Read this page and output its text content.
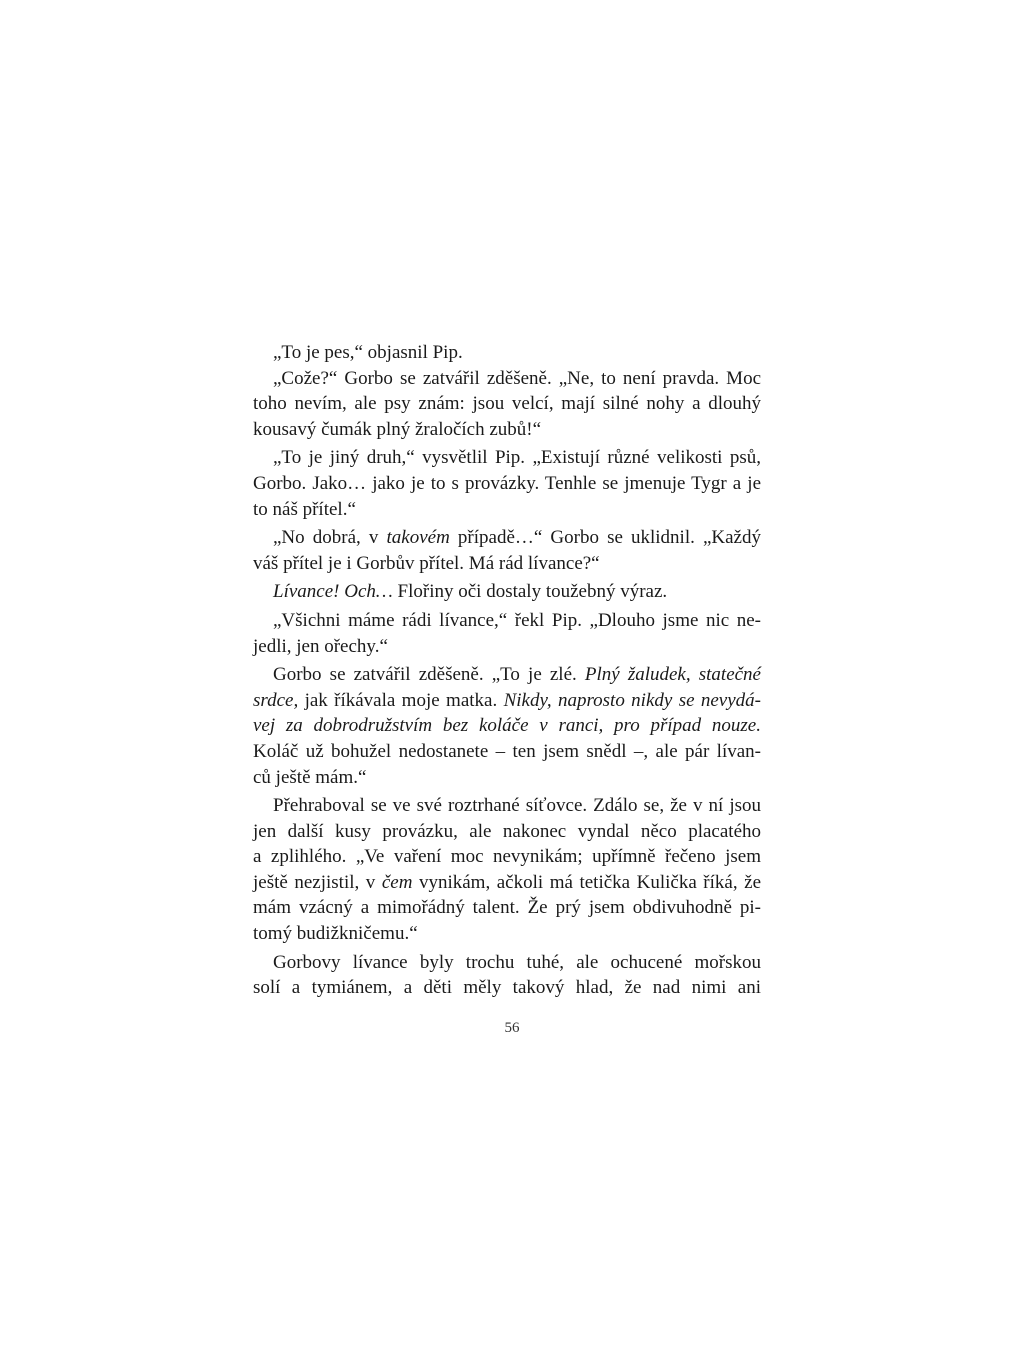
„To je pes,“ objasnil Pip.
„Cože?“ Gorbo se zatvářil zděšeně. „Ne, to není pravda. Moc
toho nevím, ale psy znám: jsou velcí, mají silné nohy a dlouhý
kousavý čumák plný žraločích zubů!“
„To je jiný druh,“ vysvětlil Pip. „Existují různé velikosti psů,
Gorbo. Jako… jako je to s provázky. Tenhle se jmenuje Tygr a je
to náš přítel.“
„No dobrá, v takovém případě…“ Gorbo se uklidnil. „Každý
váš přítel je i Gorbův přítel. Má rád lívance?“
Lívance! Och… Flořiny oči dostaly toužebný výraz.
„Všichni máme rádi lívance,“ řekl Pip. „Dlouho jsme nic ne-
jedli, jen ořechy.“
Gorbo se zatvářil zděšeně. „To je zlé. Plný žaludek, statečné
srdce, jak říkávala moje matka. Nikdy, naprosto nikdy se nevydá-
vej za dobrodružstvím bez koláče v ranci, pro případ nouze.
Koláč už bohužel nedostanete – ten jsem snědl –, ale pár lívan-
ců ještě mám.“
Přehraboval se ve své roztrhané síťovce. Zdálo se, že v ní jsou
jen další kusy provázku, ale nakonec vyndal něco placatého
a zplihlého. „Ve vaření moc nevynikám; upřímně řečeno jsem
ještě nezjistil, v čem vynikám, ačkoli má tetička Kulička říká, že
mám vzácný a mimořádný talent. Že prý jsem obdivuhodně pi-
tomý budižkničemu.“
Gorbovy lívance byly trochu tuhé, ale ochucené mořskou
solí a tymiánem, a děti měly takový hlad, že nad nimi ani
56
